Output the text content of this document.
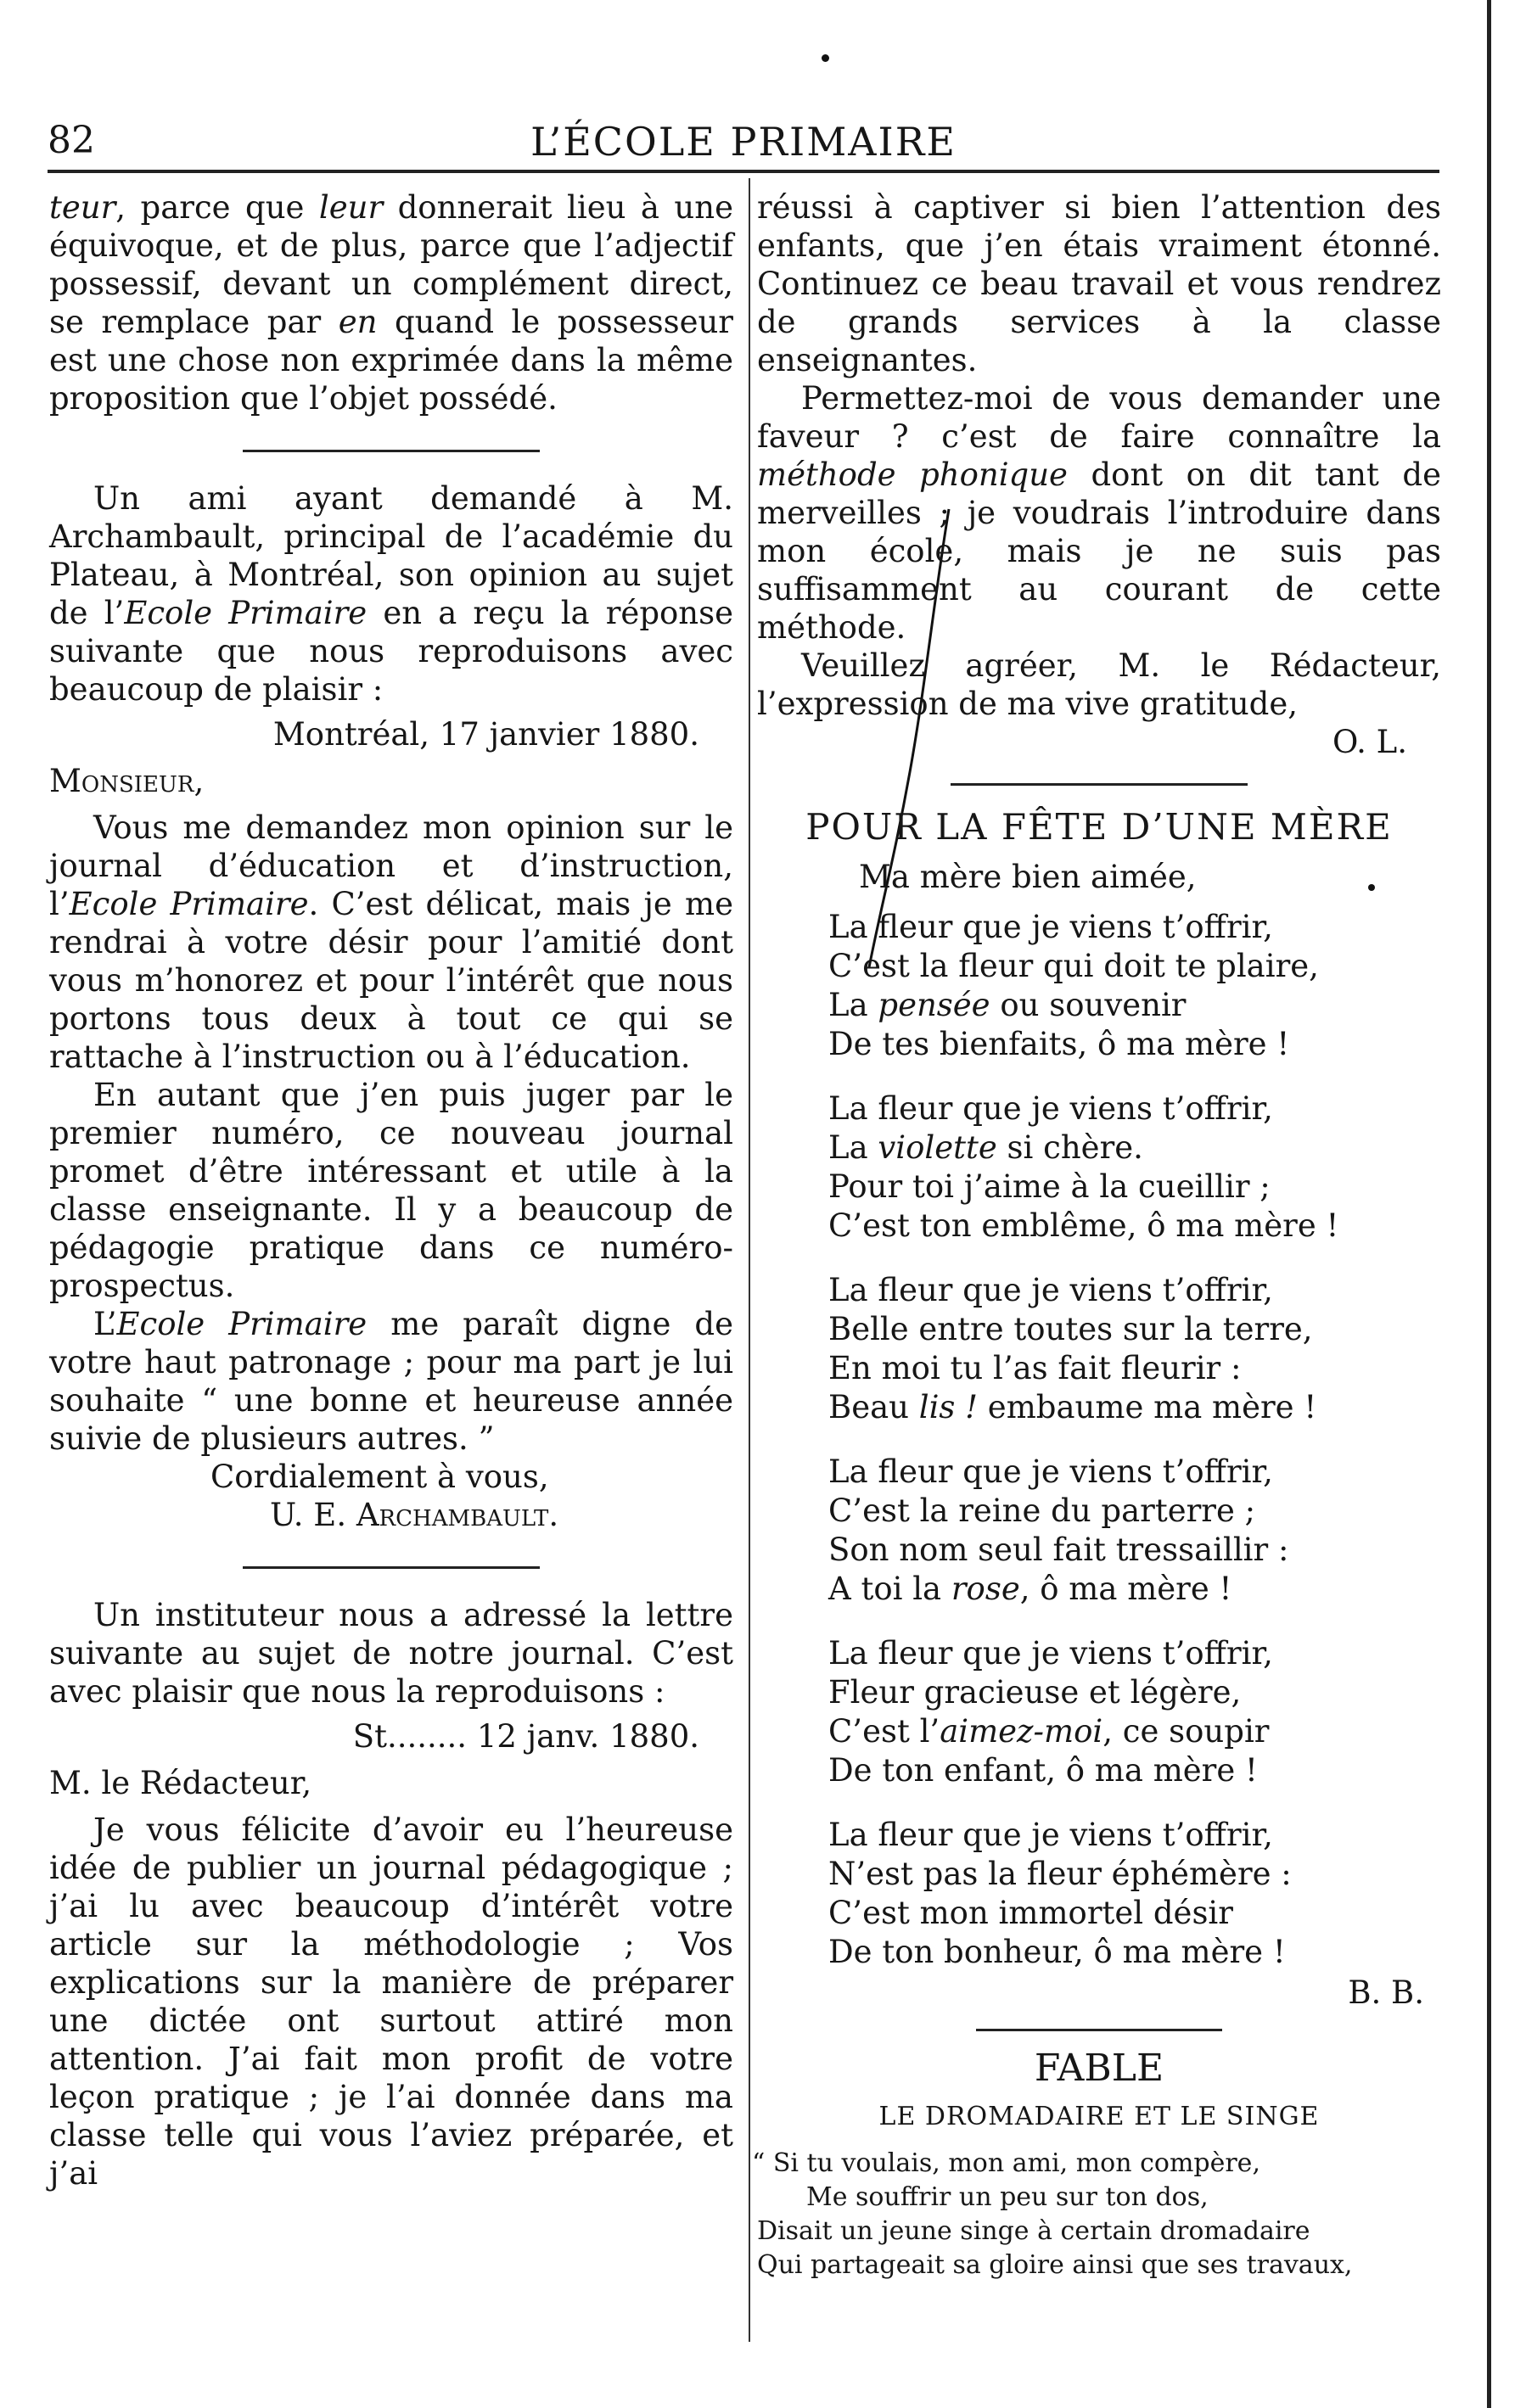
82	L’ÉCOLE PRIMAIRE

teur, parce que leur donnerait lieu à une équivoque, et de plus, parce que l’adjectif possessif, devant un complément direct, se remplace par en quand le possesseur est une chose non exprimée dans la même proposition que l’objet possédé.

Un ami ayant demandé à M. Archambault, principal de l’académie du Plateau, à Montréal, son opinion au sujet de l’Ecole Primaire en a reçu la réponse suivante que nous reproduisons avec beaucoup de plaisir :

Montréal, 17 janvier 1880.

Monsieur,

Vous me demandez mon opinion sur le journal d’éducation et d’instruction, l’Ecole Primaire. C’est délicat, mais je me rendrai à votre désir pour l’amitié dont vous m’honorez et pour l’intérêt que nous portons tous deux à tout ce qui se rattache à l’instruction ou à l’éducation.

En autant que j’en puis juger par le premier numéro, ce nouveau journal promet d’être intéressant et utile à la classe enseignante. Il y a beaucoup de pédagogie pratique dans ce numéro-prospectus.

L’Ecole Primaire me paraît digne de votre haut patronage ; pour ma part je lui souhaite “ une bonne et heureuse année suivie de plusieurs autres. ”

Cordialement à vous,

U. E. Archambault.

Un instituteur nous a adressé la lettre suivante au sujet de notre journal. C’est avec plaisir que nous la reproduisons :

St........ 12 janv. 1880.

M. le Rédacteur,

Je vous félicite d’avoir eu l’heureuse idée de publier un journal pédagogique ; j’ai lu avec beaucoup d’intérêt votre article sur la méthodologie ; Vos explications sur la manière de préparer une dictée ont surtout attiré mon attention. J’ai fait mon profit de votre leçon pratique ; je l’ai donnée dans ma classe telle qui vous l’aviez préparée, et j’ai

réussi à captiver si bien l’attention des enfants, que j’en étais vraiment étonné. Continuez ce beau travail et vous rendrez de grands services à la classe enseignantes.

Permettez-moi de vous demander une faveur ? c’est de faire connaître la méthode phonique dont on dit tant de merveilles ; je voudrais l’introduire dans mon école, mais je ne suis pas suffisamment au courant de cette méthode.

Veuillez agréer, M. le Rédacteur, l’expression de ma vive gratitude,

O. L.

POUR LA FÊTE D’UNE MÈRE
Ma mère bien aimée,
La fleur que je viens t’offrir,
C’est la fleur qui doit te plaire,
La pensée ou souvenir
De tes bienfaits, ô ma mère !
La fleur que je viens t’offrir,
La violette si chère.
Pour toi j’aime à la cueillir ;
C’est ton emblême, ô ma mère !
La fleur que je viens t’offrir,
Belle entre toutes sur la terre,
En moi tu l’as fait fleurir :
Beau lis ! embaume ma mère !
La fleur que je viens t’offrir,
C’est la reine du parterre ;
Son nom seul fait tressaillir :
A toi la rose, ô ma mère !
La fleur que je viens t’offrir,
Fleur gracieuse et légère,
C’est l’aimez-moi, ce soupir
De ton enfant, ô ma mère !
La fleur que je viens t’offrir,
N’est pas la fleur éphémère :
C’est mon immortel désir
De ton bonheur, ô ma mère !

B. B.

FABLE
LE DROMADAIRE ET LE SINGE
“ Si tu voulais, mon ami, mon compère,
Me souffrir un peu sur ton dos,
Disait un jeune singe à certain dromadaire
Qui partageait sa gloire ainsi que ses travaux,
